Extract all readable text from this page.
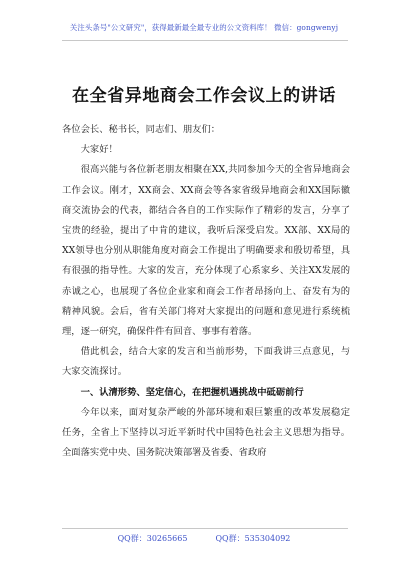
关注头条号"公文研究"，获得最新最全最专业的公文资料库！ 微信：gongwenyj
在全省异地商会工作会议上的讲话

各位会长、秘书长，同志们、朋友们：

大家好！

很高兴能与各位新老朋友相聚在XX,共同参加今天的全省异地商会工作会议。刚才，XX商会、XX商会等各家省级异地商会和XX国际徽商交流协会的代表，都结合各自的工作实际作了精彩的发言，分享了宝贵的经验，提出了中肯的建议，我听后深受启发。XX部、XX局的XX领导也分别从职能角度对商会工作提出了明确要求和殷切希望，具有很强的指导性。大家的发言，充分体现了心系家乡、关注XX发展的赤诚之心，也展现了各位企业家和商会工作者昂扬向上、奋发有为的精神风貌。会后，省有关部门将对大家提出的问题和意见进行系统梳理，逐一研究，确保件件有回音、事事有着落。

借此机会，结合大家的发言和当前形势，下面我讲三点意见，与大家交流探讨。

一、认清形势、坚定信心，在把握机遇挑战中砥砺前行

今年以来，面对复杂严峻的外部环境和艰巨繁重的改革发展稳定任务，全省上下坚持以习近平新时代中国特色社会主义思想为指导。全面落实党中央、国务院决策部署及省委、省政府

QQ群：30265665	QQ群：535304092
